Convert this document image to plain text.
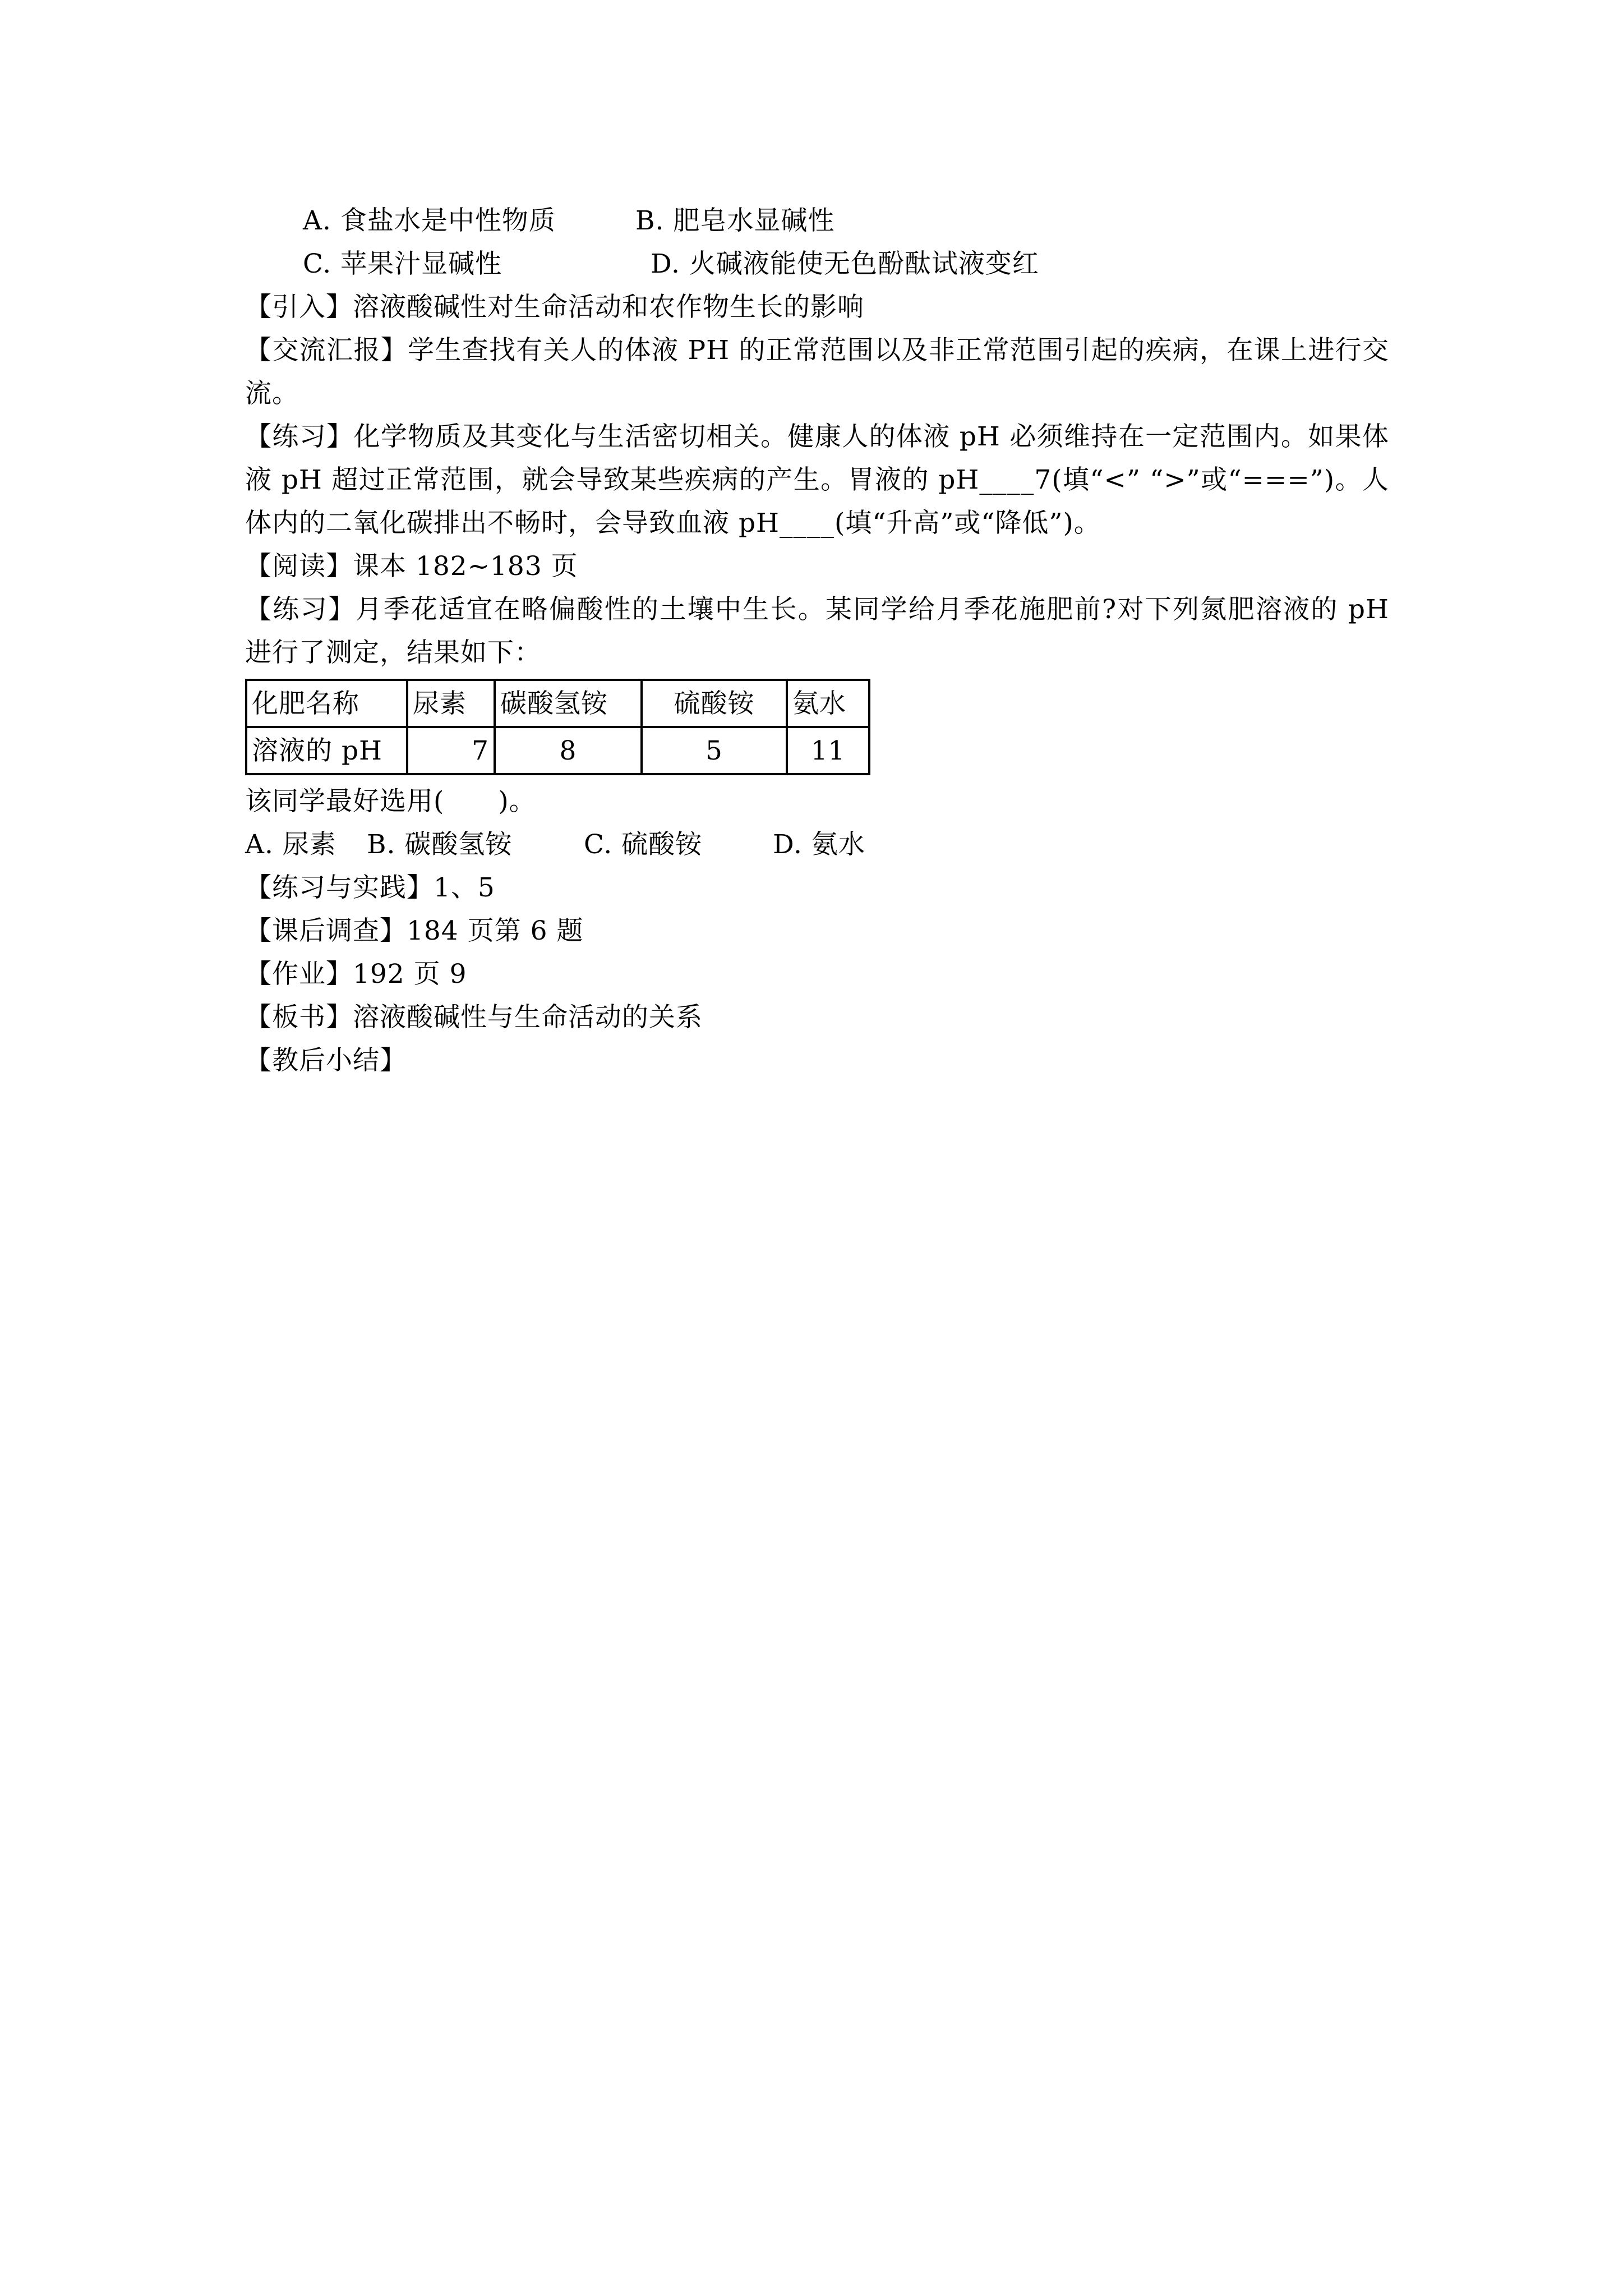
A. 食盐水是中性物质	B. 肥皂水显碱性
C. 苹果汁显碱性	D. 火碱液能使无色酚酞试液变红
【引入】溶液酸碱性对生命活动和农作物生长的影响
【交流汇报】学生查找有关人的体液 PH 的正常范围以及非正常范围引起的疾病，在课上进行交流。
【练习】化学物质及其变化与生活密切相关。健康人的体液 pH 必须维持在一定范围内。如果体液 pH 超过正常范围，就会导致某些疾病的产生。胃液的 pH____7(填“<” “>”或“===”)。人体内的二氧化碳排出不畅时，会导致血液 pH____(填“升高”或“降低”)。
【阅读】课本 182~183 页
【练习】月季花适宜在略偏酸性的土壤中生长。某同学给月季花施肥前?对下列氮肥溶液的 pH 进行了测定，结果如下：
化肥名称	尿素	碳酸氢铵	硫酸铵	氨水
溶液的 pH	7	8	5	11
该同学最好选用(　　)。
A. 尿素 B. 碳酸氢铵	C. 硫酸铵	D. 氨水
【练习与实践】1、5
【课后调查】184 页第 6 题
【作业】192 页 9
【板书】溶液酸碱性与生命活动的关系
【教后小结】
